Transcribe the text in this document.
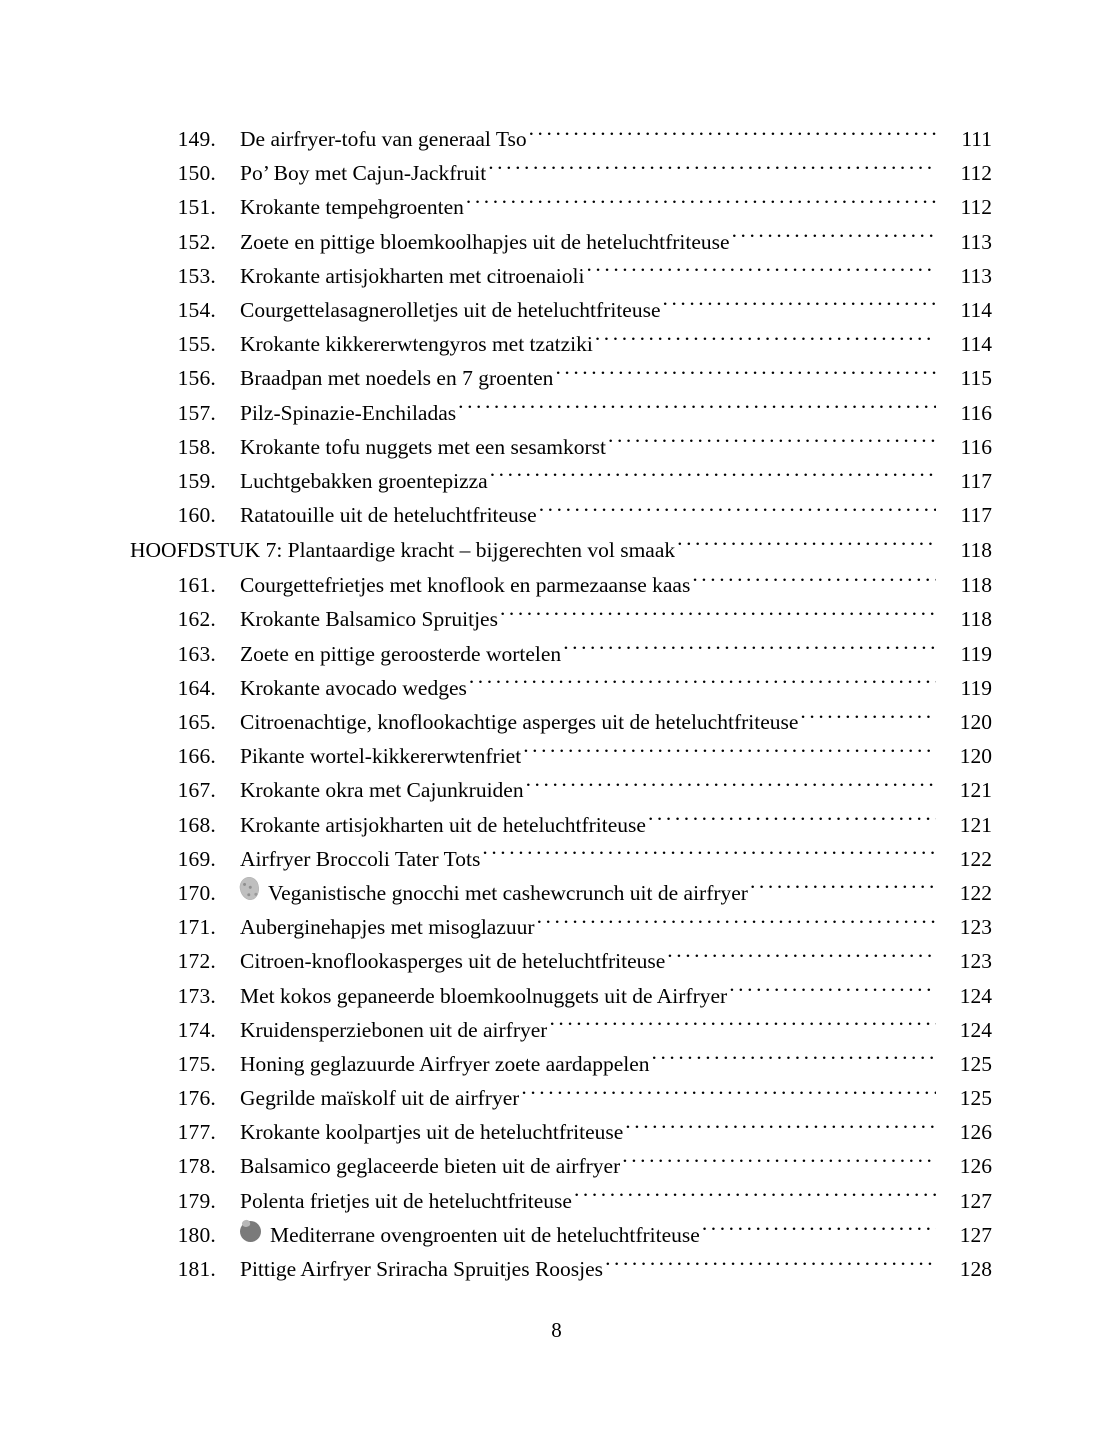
149. De airfryer-tofu van generaal Tso . . .	111
150. Po’ Boy met Cajun-Jackfruit . . .	112
151. Krokante tempehgroenten . . .	112
152. Zoete en pittige bloemkoolhapjes uit de heteluchtfriteuse . . .	113
153. Krokante artisjokharten met citroenaioli . . .	113
154. Courgettelasagnerolletjes uit de heteluchtfriteuse . . .	114
155. Krokante kikkererwtengyros met tzatziki . . .	114
156. Braadpan met noedels en 7 groenten . . .	115
157. Pilz-Spinazie-Enchiladas . . .	116
158. Krokante tofu nuggets met een sesamkorst . . .	116
159. Luchtgebakken groentepizza . . .	117
160. Ratatouille uit de heteluchtfriteuse . . .	117
HOOFDSTUK 7: Plantaardige kracht – bijgerechten vol smaak . . .	118
161. Courgettefrietjes met knoflook en parmezaanse kaas . . .	118
162. Krokante Balsamico Spruitjes . . .	118
163. Zoete en pittige geroosterde wortelen . . .	119
164. Krokante avocado wedges . . .	119
165. Citroenachtige, knoflookachtige asperges uit de heteluchtfriteuse . . .	120
166. Pikante wortel-kikkererwtenfriet . . .	120
167. Krokante okra met Cajunkruiden . . .	121
168. Krokante artisjokharten uit de heteluchtfriteuse . . .	121
169. Airfryer Broccoli Tater Tots . . .	122
170. Veganistische gnocchi met cashewcrunch uit de airfryer . . .	122
171. Auberginehapjes met misoglazuur . . .	123
172. Citroen-knoflookasperges uit de heteluchtfriteuse . . .	123
173. Met kokos gepaneerde bloemkoolnuggets uit de Airfryer . . .	124
174. Kruidensperziebonen uit de airfryer . . .	124
175. Honing geglazuurde Airfryer zoete aardappelen . . .	125
176. Gegrilde maïskolf uit de airfryer . . .	125
177. Krokante koolpartjes uit de heteluchtfriteuse . . .	126
178. Balsamico geglaceerde bieten uit de airfryer . . .	126
179. Polenta frietjes uit de heteluchtfriteuse . . .	127
180.	Mediterrane ovengroenten uit de heteluchtfriteuse . . .	127
181. Pittige Airfryer Sriracha Spruitjes Roosjes . . .	128
8
